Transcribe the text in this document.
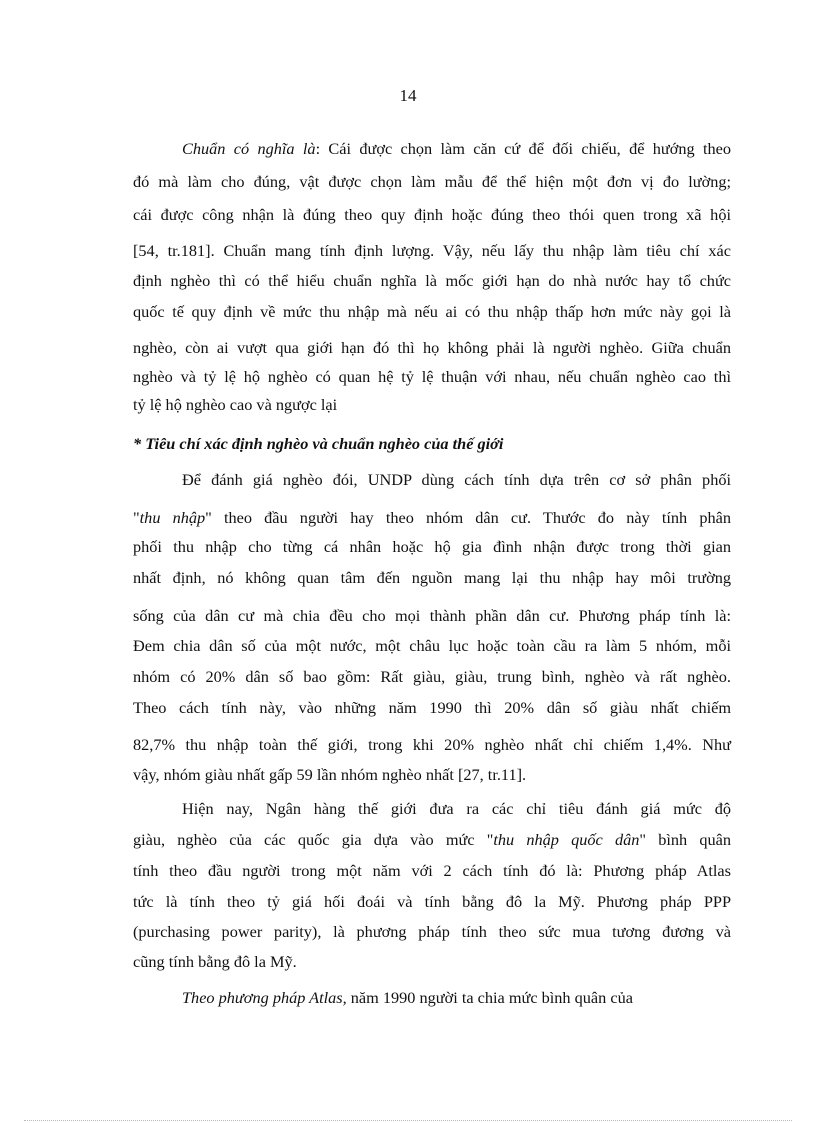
14
Chuẩn có nghĩa là: Cái được chọn làm căn cứ để đối chiếu, để hướng theo
đó mà làm cho đúng, vật được chọn làm mẫu để thể hiện một đơn vị đo lường;
cái được công nhận là đúng theo quy định hoặc đúng theo thói quen trong xã hội
[54, tr.181]. Chuẩn mang tính định lượng. Vậy, nếu lấy thu nhập làm tiêu chí xác
định nghèo thì có thể hiểu chuẩn nghĩa là mốc giới hạn do nhà nước hay tổ chức
quốc tế quy định về mức thu nhập mà nếu ai có thu nhập thấp hơn mức này gọi là
nghèo, còn ai vượt qua giới hạn đó thì họ không phải là người nghèo. Giữa chuẩn
nghèo và tỷ lệ hộ nghèo có quan hệ tỷ lệ thuận với nhau, nếu chuẩn nghèo cao thì
tỷ lệ hộ nghèo cao và ngược lại
* Tiêu chí xác định nghèo và chuẩn nghèo của thế giới
Để đánh giá nghèo đói, UNDP dùng cách tính dựa trên cơ sở phân phối
"thu nhập" theo đầu người hay theo nhóm dân cư. Thước đo này tính phân
phối thu nhập cho từng cá nhân hoặc hộ gia đình nhận được trong thời gian
nhất định, nó không quan tâm đến nguồn mang lại thu nhập hay môi trường
sống của dân cư mà chia đều cho mọi thành phần dân cư. Phương pháp tính là:
Đem chia dân số của một nước, một châu lục hoặc toàn cầu ra làm 5 nhóm, mỗi
nhóm có 20% dân số bao gồm: Rất giàu, giàu, trung bình, nghèo và rất nghèo.
Theo cách tính này, vào những năm 1990 thì 20% dân số giàu nhất chiếm
82,7% thu nhập toàn thế giới, trong khi 20% nghèo nhất chỉ chiếm 1,4%. Như
vậy, nhóm giàu nhất gấp 59 lần nhóm nghèo nhất [27, tr.11].
Hiện nay, Ngân hàng thế giới đưa ra các chỉ tiêu đánh giá mức độ
giàu, nghèo của các quốc gia dựa vào mức "thu nhập quốc dân" bình quân
tính theo đầu người trong một năm với 2 cách tính đó là: Phương pháp Atlas
tức là tính theo tỷ giá hối đoái và tính bằng đô la Mỹ. Phương pháp PPP
(purchasing power parity), là phương pháp tính theo sức mua tương đương và
cũng tính bằng đô la Mỹ.
Theo phương pháp Atlas, năm 1990 người ta chia mức bình quân của
